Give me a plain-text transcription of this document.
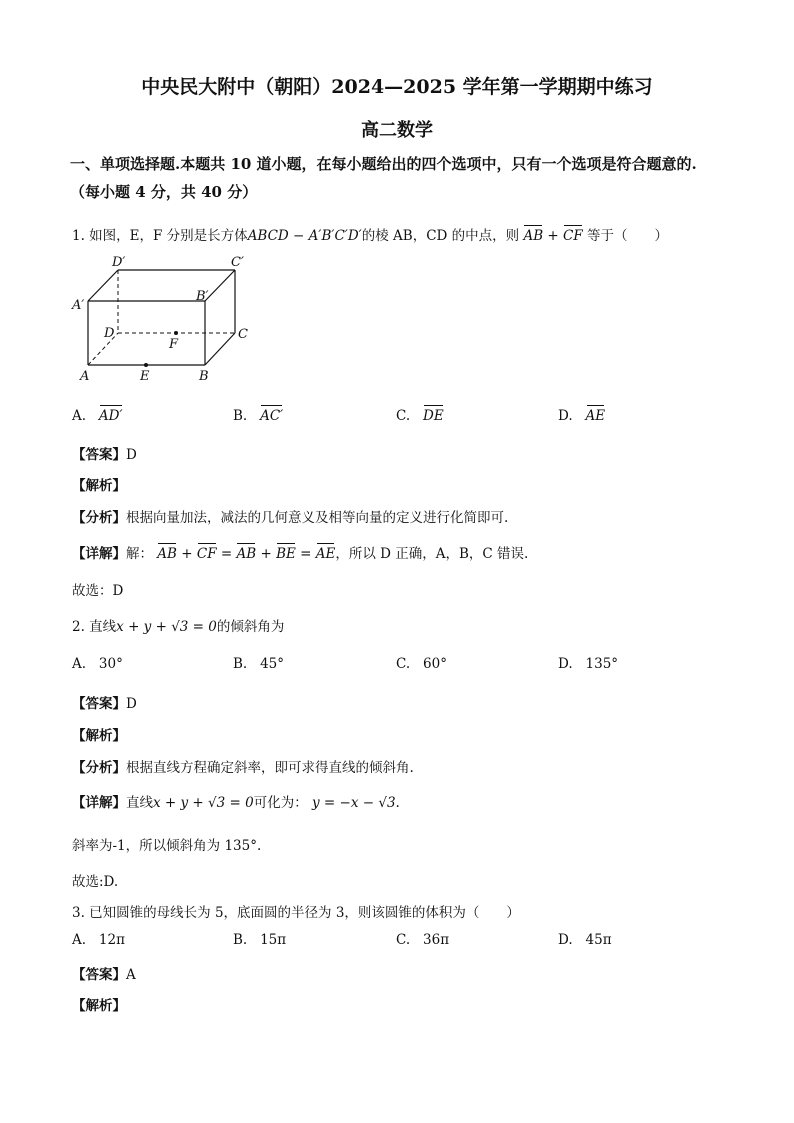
中央民大附中（朝阳）2024—2025 学年第一学期期中练习
高二数学
一、单项选择题.本题共 10 道小题，在每小题给出的四个选项中，只有一个选项是符合题意的.
（每小题 4 分，共 40 分）
1. 如图，E，F 分别是长方体ABCD − A′B′C′D′的棱 AB，CD 的中点，则 AB + CF 等于（　　）
A	B
C
D
A′
B′
C′
D′
E
F
A. AD′	B. AC′	C. DE	D. AE
【答案】D
【解析】
【分析】根据向量加法，减法的几何意义及相等向量的定义进行化简即可.
【详解】解： AB + CF = AB + BE = AE，所以 D 正确，A，B，C 错误.
故选：D
2. 直线x + y + √3 = 0的倾斜角为
A. 30°	B. 45°	C. 60°	D. 135°
【答案】D
【解析】
【分析】根据直线方程确定斜率，即可求得直线的倾斜角.
【详解】直线x + y + √3 = 0可化为： y = −x − √3.
斜率为-1，所以倾斜角为 135°.
故选:D.
3. 已知圆锥的母线长为 5，底面圆的半径为 3，则该圆锥的体积为（　　）
A. 12π	B. 15π	C. 36π	D. 45π
【答案】A
【解析】
